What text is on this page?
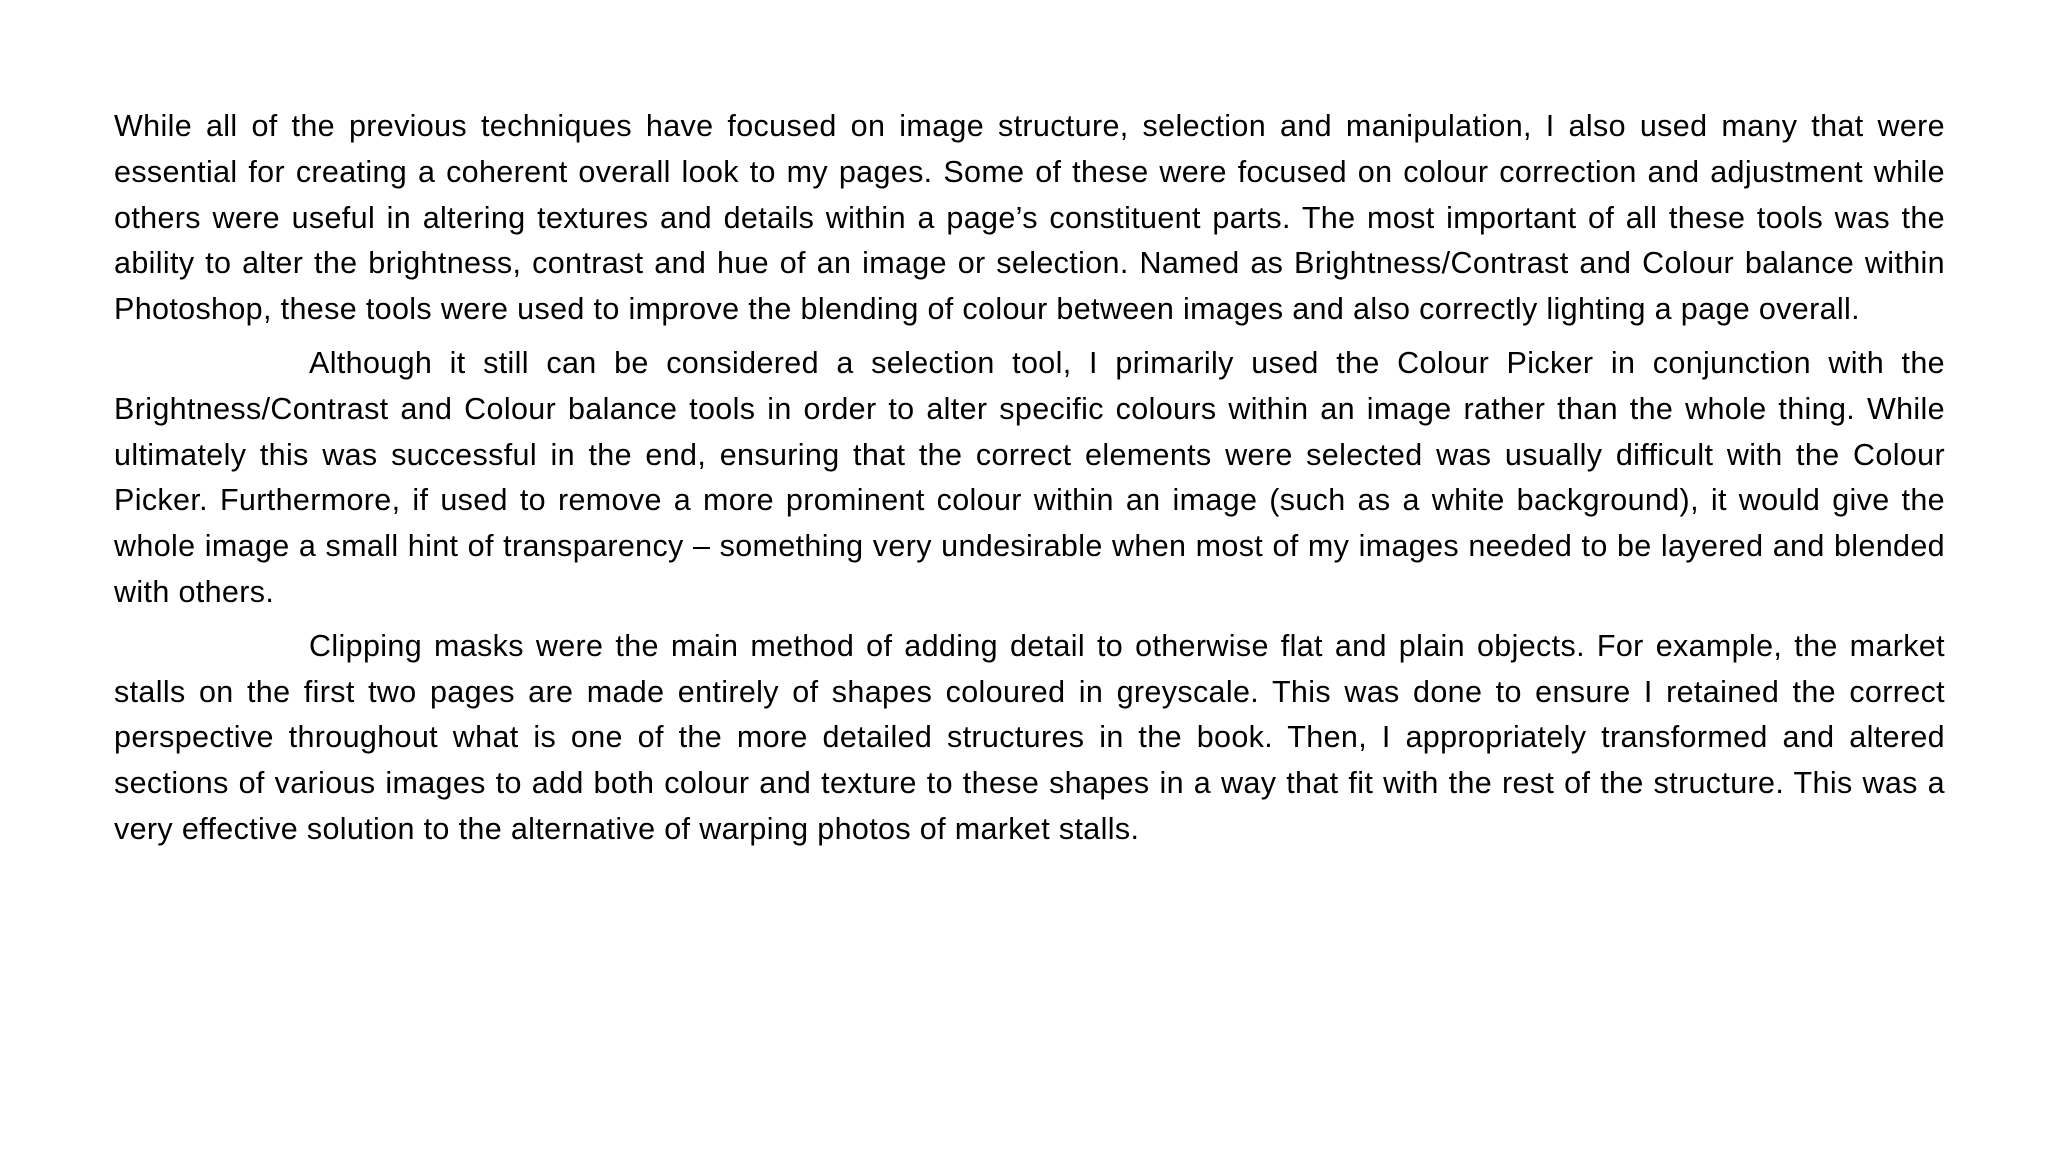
While all of the previous techniques have focused on image structure, selection and manipulation, I also used many that were essential for creating a coherent overall look to my pages. Some of these were focused on colour correction and adjustment while others were useful in altering textures and details within a page’s constituent parts. The most important of all these tools was the ability to alter the brightness, contrast and hue of an image or selection. Named as Brightness/Contrast and Colour balance within Photoshop, these tools were used to improve the blending of colour between images and also correctly lighting a page overall.

Although it still can be considered a selection tool, I primarily used the Colour Picker in conjunction with the Brightness/Contrast and Colour balance tools in order to alter specific colours within an image rather than the whole thing. While ultimately this was successful in the end, ensuring that the correct elements were selected was usually difficult with the Colour Picker. Furthermore, if used to remove a more prominent colour within an image (such as a white background), it would give the whole image a small hint of transparency – something very undesirable when most of my images needed to be layered and blended with others.

Clipping masks were the main method of adding detail to otherwise flat and plain objects. For example, the market stalls on the first two pages are made entirely of shapes coloured in greyscale. This was done to ensure I retained the correct perspective throughout what is one of the more detailed structures in the book. Then, I appropriately transformed and altered sections of various images to add both colour and texture to these shapes in a way that fit with the rest of the structure. This was a very effective solution to the alternative of warping photos of market stalls.
